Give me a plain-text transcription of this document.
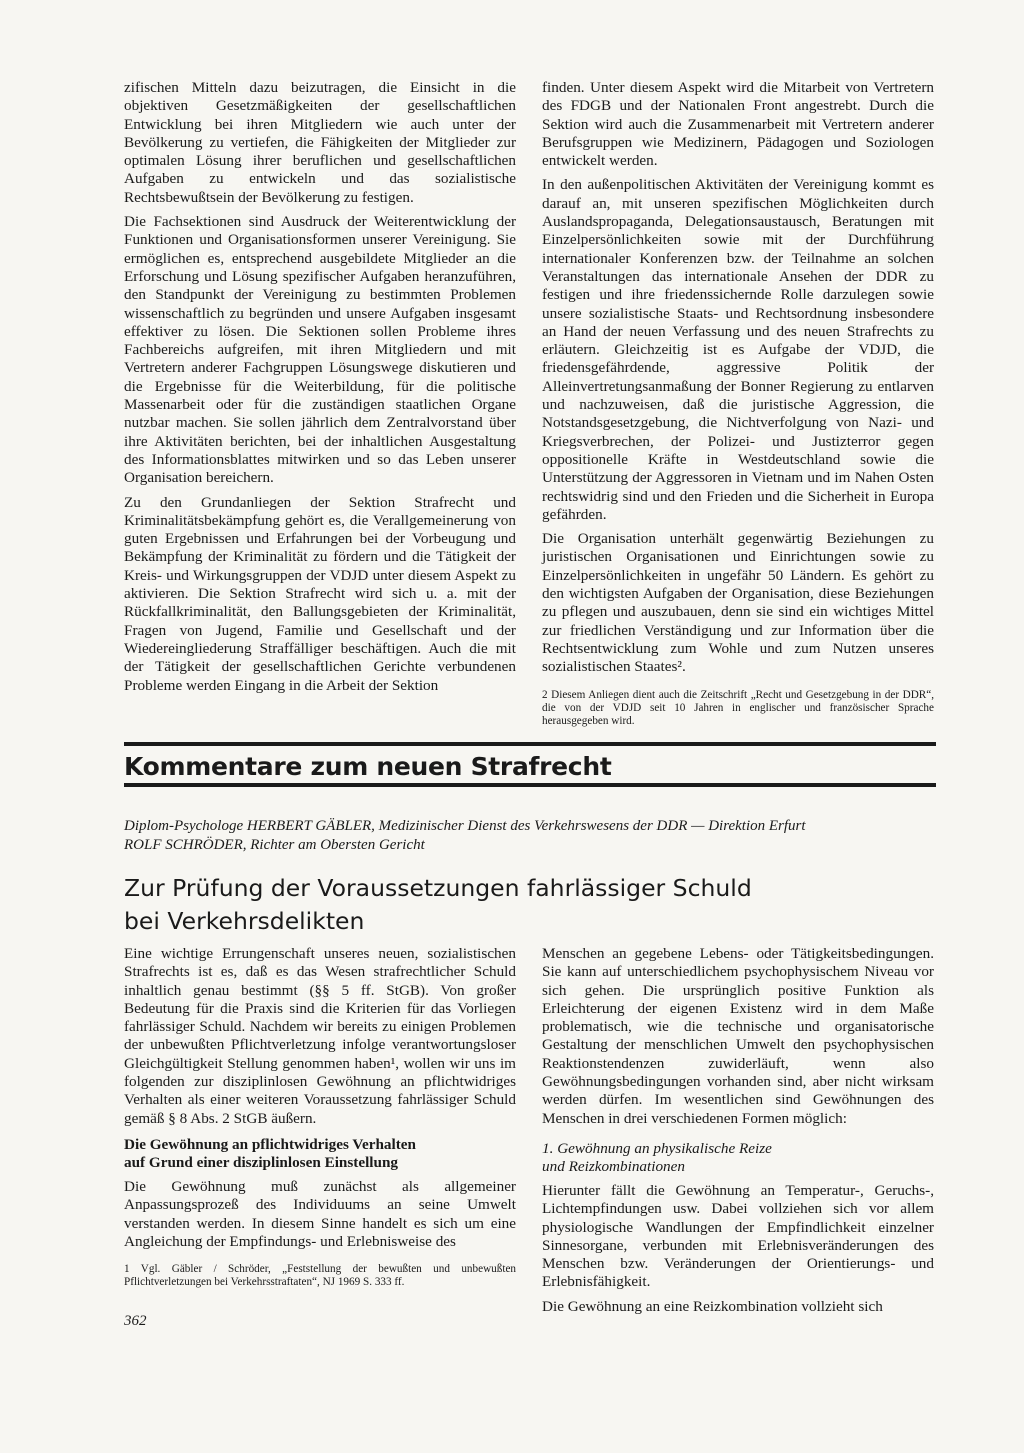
zifischen Mitteln dazu beizutragen, die Einsicht in die objektiven Gesetzmäßigkeiten der gesellschaftlichen Entwicklung bei ihren Mitgliedern wie auch unter der Bevölkerung zu vertiefen, die Fähigkeiten der Mitglieder zur optimalen Lösung ihrer beruflichen und gesellschaftlichen Aufgaben zu entwickeln und das sozialistische Rechtsbewußtsein der Bevölkerung zu festigen.

Die Fachsektionen sind Ausdruck der Weiterentwicklung der Funktionen und Organisationsformen unserer Vereinigung. Sie ermöglichen es, entsprechend ausgebildete Mitglieder an die Erforschung und Lösung spezifischer Aufgaben heranzuführen, den Standpunkt der Vereinigung zu bestimmten Problemen wissenschaftlich zu begründen und unsere Aufgaben insgesamt effektiver zu lösen. Die Sektionen sollen Probleme ihres Fachbereichs aufgreifen, mit ihren Mitgliedern und mit Vertretern anderer Fachgruppen Lösungswege diskutieren und die Ergebnisse für die Weiterbildung, für die politische Massenarbeit oder für die zuständigen staatlichen Organe nutzbar machen. Sie sollen jährlich dem Zentralvorstand über ihre Aktivitäten berichten, bei der inhaltlichen Ausgestaltung des Informationsblattes mitwirken und so das Leben unserer Organisation bereichern.

Zu den Grundanliegen der Sektion Strafrecht und Kriminalitätsbekämpfung gehört es, die Verallgemeinerung von guten Ergebnissen und Erfahrungen bei der Vorbeugung und Bekämpfung der Kriminalität zu fördern und die Tätigkeit der Kreis- und Wirkungsgruppen der VDJD unter diesem Aspekt zu aktivieren. Die Sektion Strafrecht wird sich u. a. mit der Rückfallkriminalität, den Ballungsgebieten der Kriminalität, Fragen von Jugend, Familie und Gesellschaft und der Wiedereingliederung Straffälliger beschäftigen. Auch die mit der Tätigkeit der gesellschaftlichen Gerichte verbundenen Probleme werden Eingang in die Arbeit der Sektion

finden. Unter diesem Aspekt wird die Mitarbeit von Vertretern des FDGB und der Nationalen Front angestrebt. Durch die Sektion wird auch die Zusammenarbeit mit Vertretern anderer Berufsgruppen wie Medizinern, Pädagogen und Soziologen entwickelt werden.

In den außenpolitischen Aktivitäten der Vereinigung kommt es darauf an, mit unseren spezifischen Möglichkeiten durch Auslandspropaganda, Delegationsaustausch, Beratungen mit Einzelpersönlichkeiten sowie mit der Durchführung internationaler Konferenzen bzw. der Teilnahme an solchen Veranstaltungen das internationale Ansehen der DDR zu festigen und ihre friedenssichernde Rolle darzulegen sowie unsere sozialistische Staats- und Rechtsordnung insbesondere an Hand der neuen Verfassung und des neuen Strafrechts zu erläutern. Gleichzeitig ist es Aufgabe der VDJD, die friedensgefährdende, aggressive Politik der Alleinvertretungsanmaßung der Bonner Regierung zu entlarven und nachzuweisen, daß die juristische Aggression, die Notstandsgesetzgebung, die Nichtverfolgung von Nazi- und Kriegsverbrechen, der Polizei- und Justizterror gegen oppositionelle Kräfte in Westdeutschland sowie die Unterstützung der Aggressoren in Vietnam und im Nahen Osten rechtswidrig sind und den Frieden und die Sicherheit in Europa gefährden.

Die Organisation unterhält gegenwärtig Beziehungen zu juristischen Organisationen und Einrichtungen sowie zu Einzelpersönlichkeiten in ungefähr 50 Ländern. Es gehört zu den wichtigsten Aufgaben der Organisation, diese Beziehungen zu pflegen und auszubauen, denn sie sind ein wichtiges Mittel zur friedlichen Verständigung und zur Information über die Rechtsentwicklung zum Wohle und zum Nutzen unseres sozialistischen Staates².

2 Diesem Anliegen dient auch die Zeitschrift „Recht und Gesetzgebung in der DDR“, die von der VDJD seit 10 Jahren in englischer und französischer Sprache herausgegeben wird.
Kommentare zum neuen Strafrecht
Diplom-Psychologe HERBERT GÄBLER, Medizinischer Dienst des Verkehrswesens der DDR — Direktion Erfurt
ROLF SCHRÖDER, Richter am Obersten Gericht
Zur Prüfung der Voraussetzungen fahrlässiger Schuld
bei Verkehrsdelikten

Eine wichtige Errungenschaft unseres neuen, sozialistischen Strafrechts ist es, daß es das Wesen strafrechtlicher Schuld inhaltlich genau bestimmt (§§ 5 ff. StGB). Von großer Bedeutung für die Praxis sind die Kriterien für das Vorliegen fahrlässiger Schuld. Nachdem wir bereits zu einigen Problemen der unbewußten Pflichtverletzung infolge verantwortungsloser Gleichgültigkeit Stellung genommen haben¹, wollen wir uns im folgenden zur disziplinlosen Gewöhnung an pflichtwidriges Verhalten als einer weiteren Voraussetzung fahrlässiger Schuld gemäß § 8 Abs. 2 StGB äußern.

Die Gewöhnung an pflichtwidriges Verhalten
auf Grund einer disziplinlosen Einstellung

Die Gewöhnung muß zunächst als allgemeiner Anpassungsprozeß des Individuums an seine Umwelt verstanden werden. In diesem Sinne handelt es sich um eine Angleichung der Empfindungs- und Erlebnisweise des

1 Vgl. Gäbler / Schröder, „Feststellung der bewußten und unbewußten Pflichtverletzungen bei Verkehrsstraftaten“, NJ 1969 S. 333 ff.

Menschen an gegebene Lebens- oder Tätigkeitsbedingungen. Sie kann auf unterschiedlichem psychophysischem Niveau vor sich gehen. Die ursprünglich positive Funktion als Erleichterung der eigenen Existenz wird in dem Maße problematisch, wie die technische und organisatorische Gestaltung der menschlichen Umwelt den psychophysischen Reaktionstendenzen zuwiderläuft, wenn also Gewöhnungsbedingungen vorhanden sind, aber nicht wirksam werden dürfen. Im wesentlichen sind Gewöhnungen des Menschen in drei verschiedenen Formen möglich:

1. Gewöhnung an physikalische Reize
und Reizkombinationen

Hierunter fällt die Gewöhnung an Temperatur-, Geruchs-, Lichtempfindungen usw. Dabei vollziehen sich vor allem physiologische Wandlungen der Empfindlichkeit einzelner Sinnesorgane, verbunden mit Erlebnisveränderungen des Menschen bzw. Veränderungen der Orientierungs- und Erlebnisfähigkeit.

Die Gewöhnung an eine Reizkombination vollzieht sich

362
